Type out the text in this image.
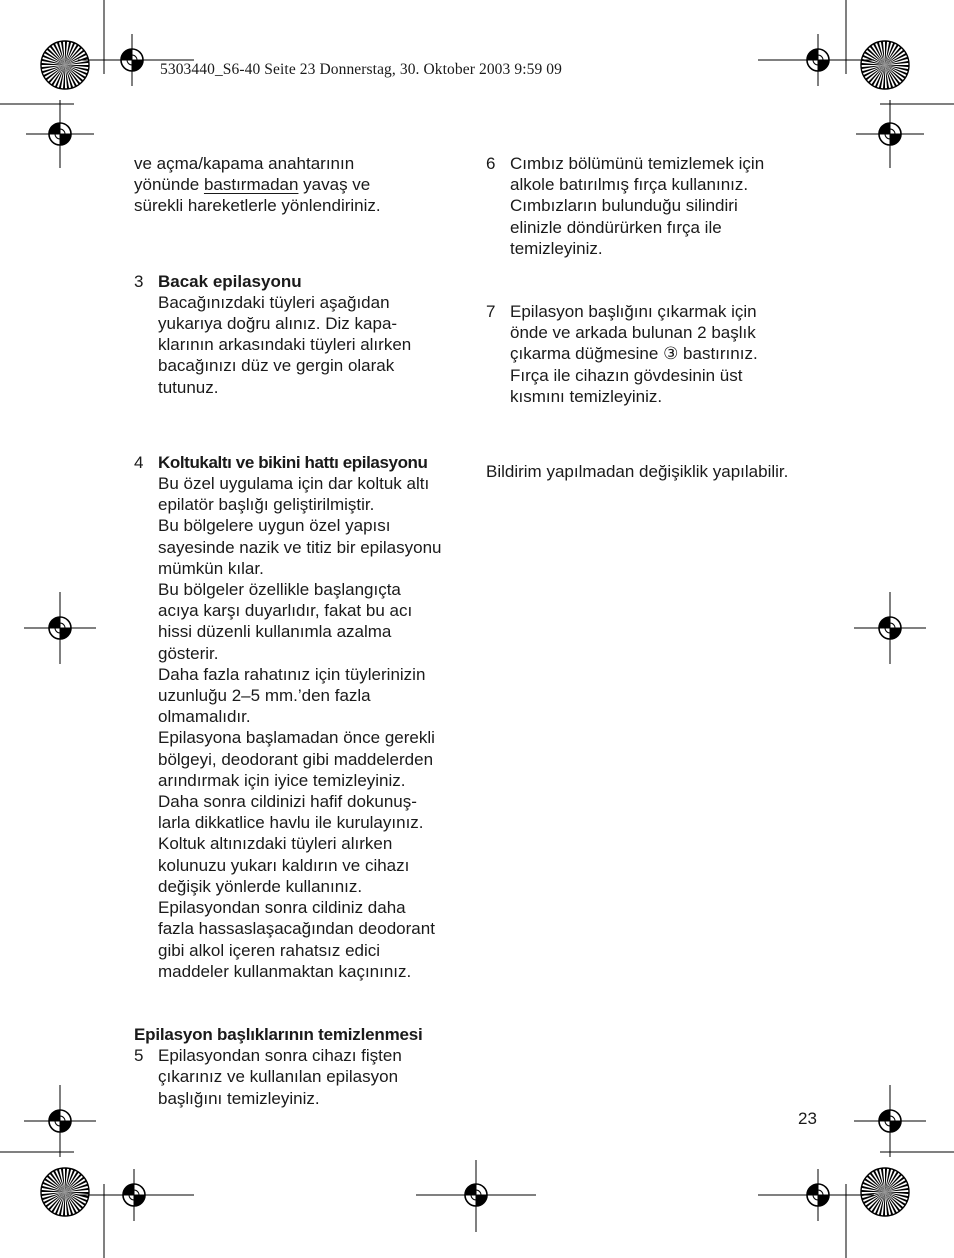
5303440_S6-40 Seite 23 Donnerstag, 30. Oktober 2003 9:59 09
ve açma/kapama anahtarının
yönünde bastırmadan yavaş ve
sürekli hareketlerle yönlendiriniz.
3 Bacak epilasyonu
Bacağınızdaki tüyleri aşağıdan
yukarıya doğru alınız. Diz kapa-
klarının arkasındaki tüyleri alırken
bacağınızı düz ve gergin olarak
tutunuz.
4 Koltukaltı ve bikini hattı epilasyonu
Bu özel uygulama için dar koltuk altı
epilatör başlığı geliştirilmiştir.
Bu bölgelere uygun özel yapısı
sayesinde nazik ve titiz bir epilasyonu
mümkün kılar.
Bu bölgeler özellikle başlangıçta
acıya karşı duyarlıdır, fakat bu acı
hissi düzenli kullanımla azalma
gösterir.
Daha fazla rahatınız için tüylerinizin
uzunluğu 2–5 mm.’den fazla
olmamalıdır.
Epilasyona başlamadan önce gerekli
bölgeyi, deodorant gibi maddelerden
arındırmak için iyice temizleyiniz.
Daha sonra cildinizi hafif dokunuş-
larla dikkatlice havlu ile kurulayınız.
Koltuk altınızdaki tüyleri alırken
kolunuzu yukarı kaldırın ve cihazı
değişik yönlerde kullanınız.
Epilasyondan sonra cildiniz daha
fazla hassaslaşacağından deodorant
gibi alkol içeren rahatsız edici
maddeler kullanmaktan kaçınınız.
Epilasyon başlıklarının temizlenmesi
5 Epilasyondan sonra cihazı fişten
çıkarınız ve kullanılan epilasyon
başlığını temizleyiniz.
6 Cımbız bölümünü temizlemek için
alkole batırılmış fırça kullanınız.
Cımbızların bulunduğu silindiri
elinizle döndürürken fırça ile
temizleyiniz.
7 Epilasyon başlığını çıkarmak için
önde ve arkada bulunan 2 başlık
çıkarma düğmesine ③ bastırınız.
Fırça ile cihazın gövdesinin üst
kısmını temizleyiniz.
Bildirim yapılmadan değişiklik yapılabilir.
23
